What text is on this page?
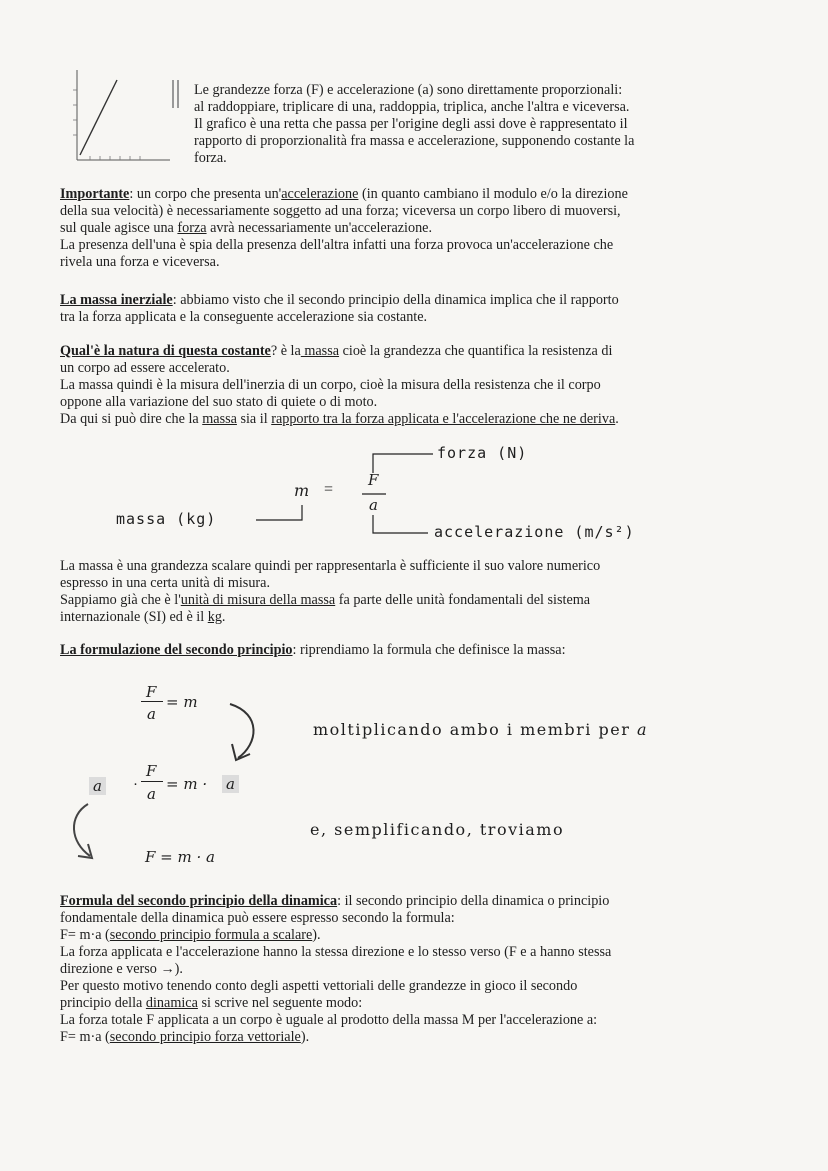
Le grandezze forza (F) e accelerazione (a) sono direttamente proporzionali:
al raddoppiare, triplicare di una, raddoppia, triplica, anche l'altra e viceversa.
Il grafico è una retta che passa per l'origine degli assi dove è rappresentato il
rapporto di proporzionalità fra massa e accelerazione, supponendo costante la
forza.
Importante: un corpo che presenta un'accelerazione (in quanto cambiano il modulo e/o la direzione
della sua velocità) è necessariamente soggetto ad una forza; viceversa un corpo libero di muoversi,
sul quale agisce una forza avrà necessariamente un'accelerazione.
La presenza dell'una è spia della presenza dell'altra infatti una forza provoca un'accelerazione che
rivela una forza e viceversa.
La massa inerziale: abbiamo visto che il secondo principio della dinamica implica che il rapporto
tra la forza applicata e la conseguente accelerazione sia costante.
Qual'è la natura di questa costante? è la massa cioè la grandezza che quantifica la resistenza di
un corpo ad essere accelerato.
La massa quindi è la misura dell'inerzia di un corpo, cioè la misura della resistenza che il corpo
oppone alla variazione del suo stato di quiete o di moto.
Da qui si può dire che la massa sia il rapporto tra la forza applicata e l'accelerazione che ne deriva.
forza (N)
m =
F
a
massa (kg)
accelerazione (m/s²)
La massa è una grandezza scalare quindi per rappresentarla è sufficiente il suo valore numerico
espresso in una certa unità di misura.
Sappiamo già che è l'unità di misura della massa fa parte delle unità fondamentali del sistema
internazionale (SI) ed è il kg.
La formulazione del secondo principio: riprendiamo la formula che definisce la massa:
F
a
= m
moltiplicando ambo i membri per a
a ·
F
a
= m · a
e, semplificando, troviamo
F = m · a
Formula del secondo principio della dinamica: il secondo principio della dinamica o principio
fondamentale della dinamica può essere espresso secondo la formula:
F= m·a (secondo principio formula a scalare).
La forza applicata e l'accelerazione hanno la stessa direzione e lo stesso verso (F e a hanno stessa
direzione e verso →).
Per questo motivo tenendo conto degli aspetti vettoriali delle grandezze in gioco il secondo
principio della dinamica si scrive nel seguente modo:
La forza totale F applicata a un corpo è uguale al prodotto della massa M per l'accelerazione a:
F= m·a (secondo principio forza vettoriale).
